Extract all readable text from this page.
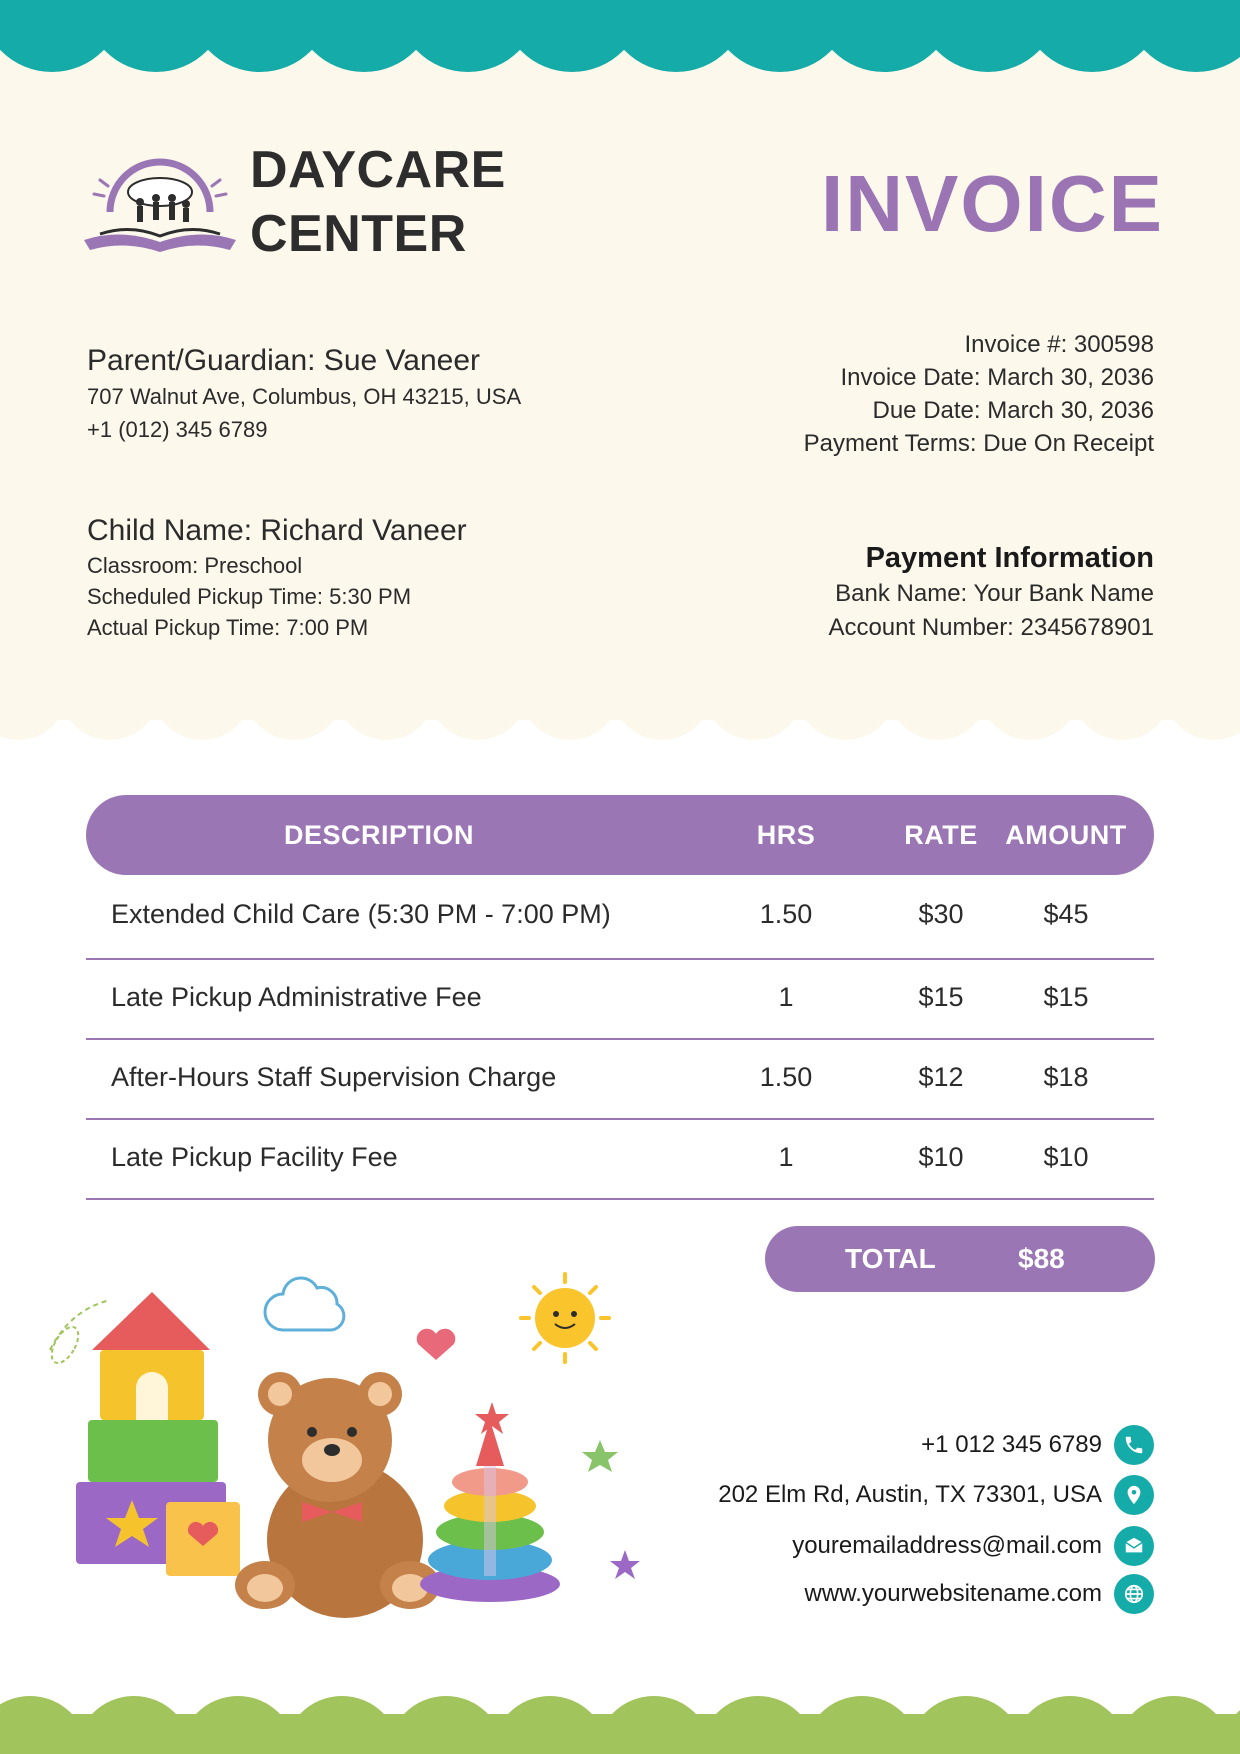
DAYCARE
CENTER	INVOICE
Parent/Guardian: Sue Vaneer
707 Walnut Ave, Columbus, OH 43215, USA
+1 (012) 345 6789
Child Name: Richard Vaneer
Classroom: Preschool
Scheduled Pickup Time: 5:30 PM
Actual Pickup Time: 7:00 PM
Invoice #: 300598
Invoice Date: March 30, 2036
Due Date: March 30, 2036
Payment Terms: Due On Receipt
Payment Information
Bank Name: Your Bank Name
Account Number: 2345678901
DESCRIPTION	HRS	RATE	AMOUNT
Extended Child Care (5:30 PM - 7:00 PM)	1.50	$30	$45
Late Pickup Administrative Fee	1	$15	$15
After-Hours Staff Supervision Charge	1.50	$12	$18
Late Pickup Facility Fee	1	$10	$10
TOTAL	$88
+1 012 345 6789
202 Elm Rd, Austin, TX 73301, USA
youremailaddress@mail.com
www.yourwebsitename.com
